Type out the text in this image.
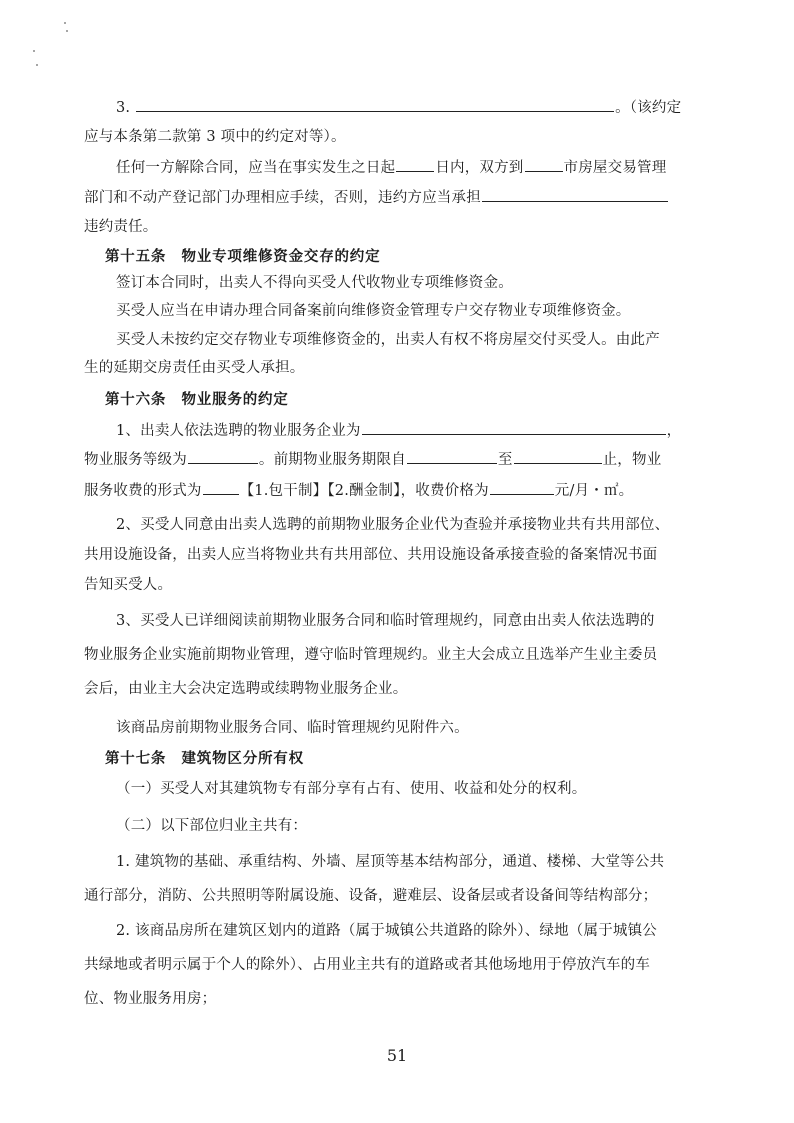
3.	。（该约定
应与本条第二款第 3 项中的约定对等）。
任何一方解除合同，应当在事实发生之日起	日内，双方到	市房屋交易管理
部门和不动产登记部门办理相应手续，否则，违约方应当承担
违约责任。
第十五条　物业专项维修资金交存的约定
签订本合同时，出卖人不得向买受人代收物业专项维修资金。
买受人应当在申请办理合同备案前向维修资金管理专户交存物业专项维修资金。
买受人未按约定交存物业专项维修资金的，出卖人有权不将房屋交付买受人。由此产
生的延期交房责任由买受人承担。
第十六条　物业服务的约定
1、出卖人依法选聘的物业服务企业为	，
物业服务等级为	。前期物业服务期限自	至	止，物业
服务收费的形式为	【1.包干制】【2.酬金制】，收费价格为	元/月・㎡。
2、买受人同意由出卖人选聘的前期物业服务企业代为查验并承接物业共有共用部位、
共用设施设备，出卖人应当将物业共有共用部位、共用设施设备承接查验的备案情况书面
告知买受人。
3、买受人已详细阅读前期物业服务合同和临时管理规约，同意由出卖人依法选聘的
物业服务企业实施前期物业管理，遵守临时管理规约。业主大会成立且选举产生业主委员
会后，由业主大会决定选聘或续聘物业服务企业。
该商品房前期物业服务合同、临时管理规约见附件六。
第十七条　建筑物区分所有权
（一）买受人对其建筑物专有部分享有占有、使用、收益和处分的权利。
（二）以下部位归业主共有：
1. 建筑物的基础、承重结构、外墙、屋顶等基本结构部分，通道、楼梯、大堂等公共
通行部分，消防、公共照明等附属设施、设备，避难层、设备层或者设备间等结构部分；
2. 该商品房所在建筑区划内的道路（属于城镇公共道路的除外）、绿地（属于城镇公
共绿地或者明示属于个人的除外）、占用业主共有的道路或者其他场地用于停放汽车的车
位、物业服务用房；
51
